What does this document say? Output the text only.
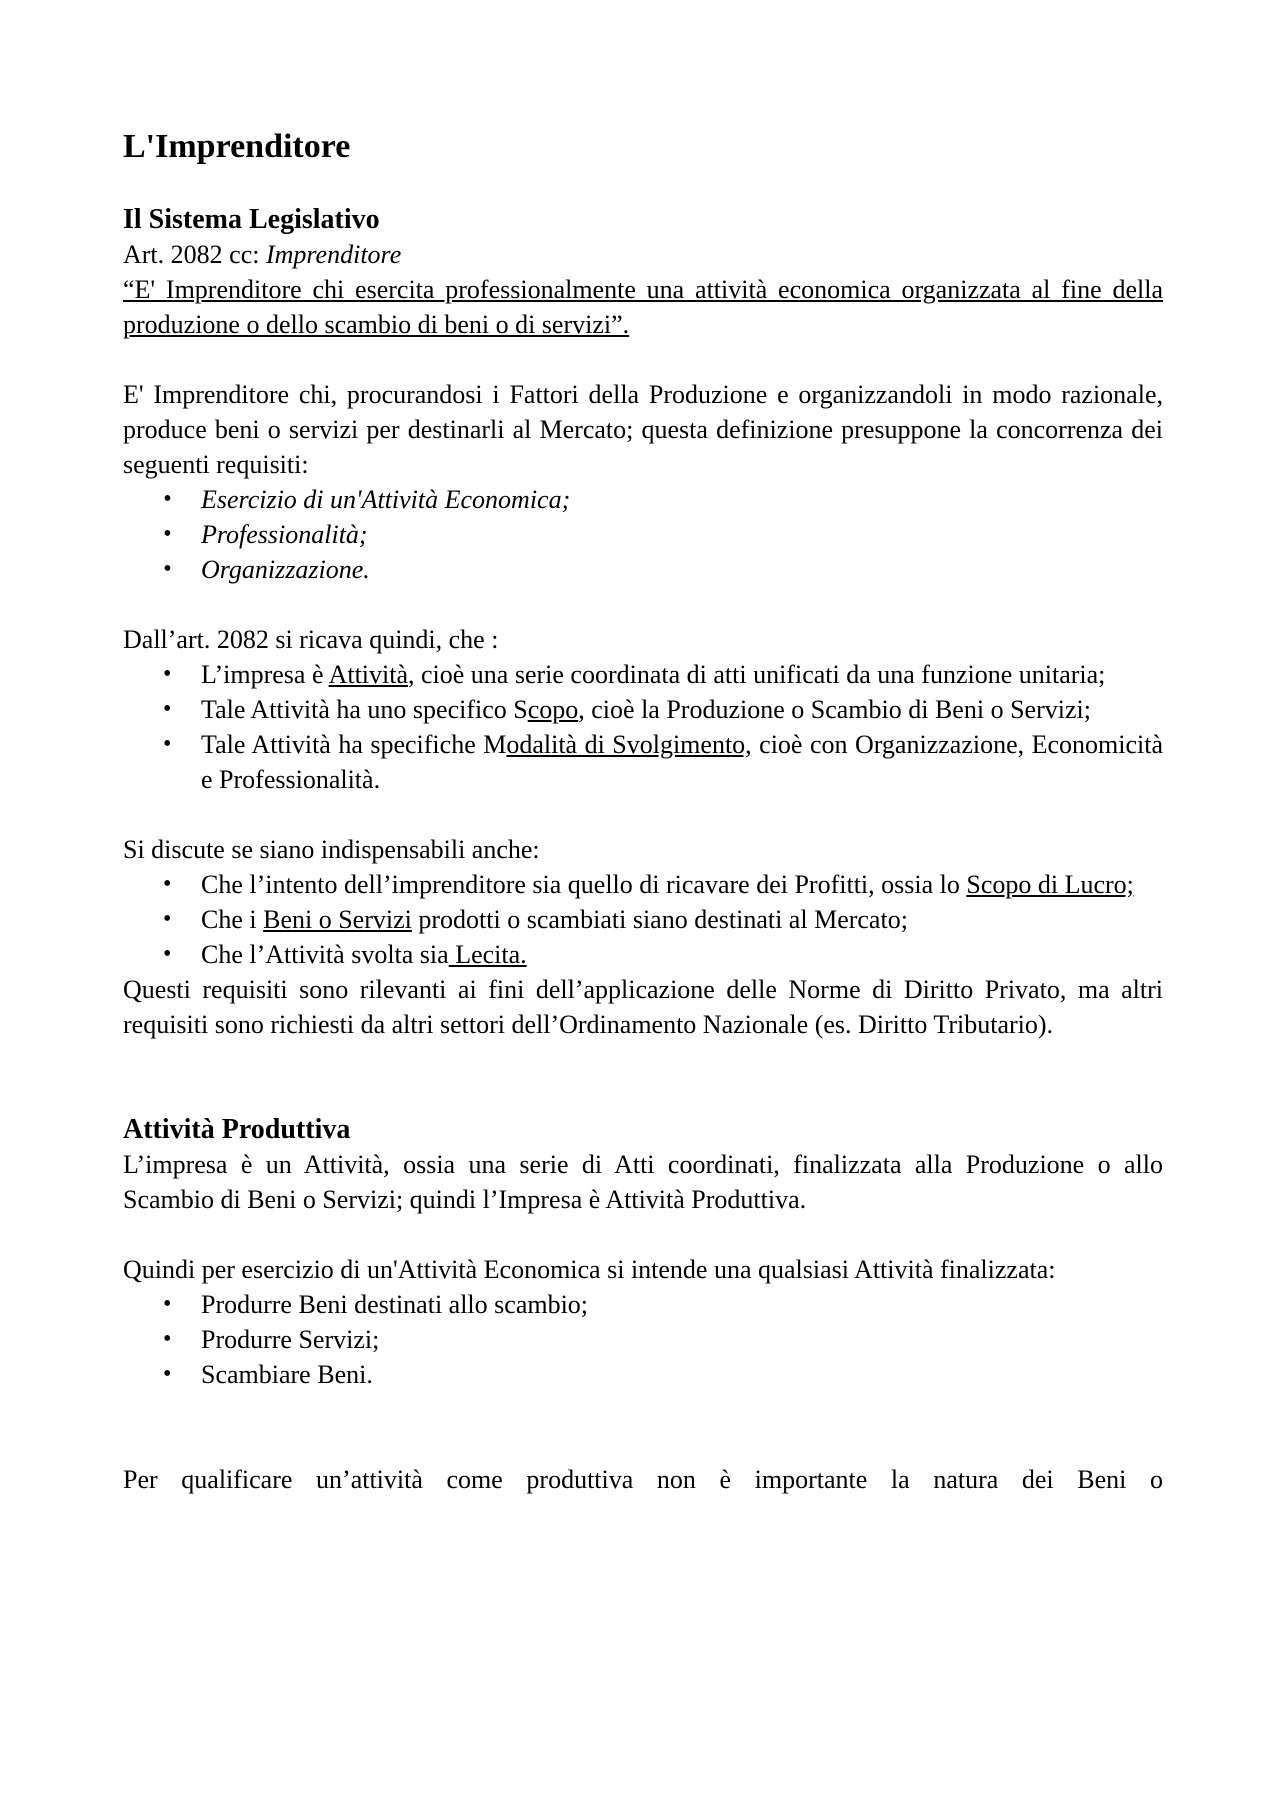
L'Imprenditore
Il Sistema Legislativo

Art. 2082 cc: Imprenditore

“E' Imprenditore chi esercita professionalmente una attività economica organizzata al fine della produzione o dello scambio di beni o di servizi”.

E' Imprenditore chi, procurandosi i Fattori della Produzione e organizzandoli in modo razionale, produce beni o servizi per destinarli al Mercato; questa definizione presuppone la concorrenza dei seguenti requisiti:

• Esercizio di un'Attività Economica;
• Professionalità;
• Organizzazione.

Dall’art. 2082 si ricava quindi, che :

• L’impresa è Attività, cioè una serie coordinata di atti unificati da una funzione unitaria;
• Tale Attività ha uno specifico Scopo, cioè la Produzione o Scambio di Beni o Servizi;
• Tale Attività ha specifiche Modalità di Svolgimento, cioè con Organizzazione, Economicità e Professionalità.

Si discute se siano indispensabili anche:

• Che l’intento dell’imprenditore sia quello di ricavare dei Profitti, ossia lo Scopo di Lucro;
• Che i Beni o Servizi prodotti o scambiati siano destinati al Mercato;
• Che l’Attività svolta sia Lecita.

Questi requisiti sono rilevanti ai fini dell’applicazione delle Norme di Diritto Privato, ma altri requisiti sono richiesti da altri settori dell’Ordinamento Nazionale (es. Diritto Tributario).

Attività Produttiva

L’impresa è un Attività, ossia una serie di Atti coordinati, finalizzata alla Produzione o allo Scambio di Beni o Servizi; quindi l’Impresa è Attività Produttiva.

Quindi per esercizio di un'Attività Economica si intende una qualsiasi Attività finalizzata:

• Produrre Beni destinati allo scambio;
• Produrre Servizi;
• Scambiare Beni.

Per qualificare un’attività come produttiva non è importante la natura dei Beni o
